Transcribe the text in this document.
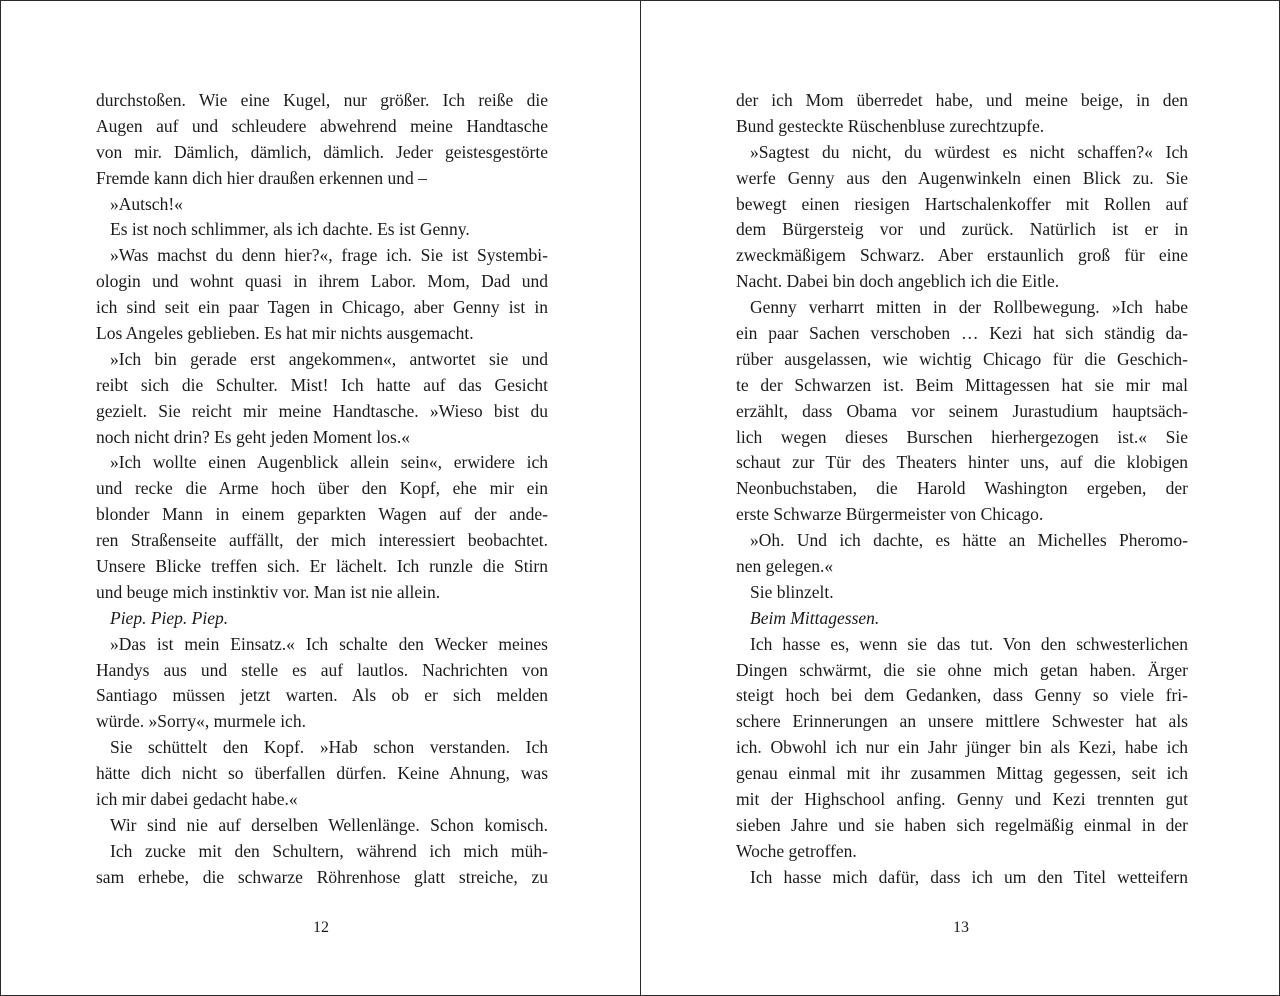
durchstoßen. Wie eine Kugel, nur größer. Ich reiße die
Augen auf und schleudere abwehrend meine Handtasche
von mir. Dämlich, dämlich, dämlich. Jeder geistesgestörte
Fremde kann dich hier draußen erkennen und –
»Autsch!«
Es ist noch schlimmer, als ich dachte. Es ist Genny.
»Was machst du denn hier?«, frage ich. Sie ist Systembi-
ologin und wohnt quasi in ihrem Labor. Mom, Dad und
ich sind seit ein paar Tagen in Chicago, aber Genny ist in
Los Angeles geblieben. Es hat mir nichts ausgemacht.
»Ich bin gerade erst angekommen«, antwortet sie und
reibt sich die Schulter. Mist! Ich hatte auf das Gesicht
gezielt. Sie reicht mir meine Handtasche. »Wieso bist du
noch nicht drin? Es geht jeden Moment los.«
»Ich wollte einen Augenblick allein sein«, erwidere ich
und recke die Arme hoch über den Kopf, ehe mir ein
blonder Mann in einem geparkten Wagen auf der ande-
ren Straßenseite auffällt, der mich interessiert beobachtet.
Unsere Blicke treffen sich. Er lächelt. Ich runzle die Stirn
und beuge mich instinktiv vor. Man ist nie allein.
Piep. Piep. Piep.
»Das ist mein Einsatz.« Ich schalte den Wecker meines
Handys aus und stelle es auf lautlos. Nachrichten von
Santiago müssen jetzt warten. Als ob er sich melden
würde. »Sorry«, murmele ich.
Sie schüttelt den Kopf. »Hab schon verstanden. Ich
hätte dich nicht so überfallen dürfen. Keine Ahnung, was
ich mir dabei gedacht habe.«
Wir sind nie auf derselben Wellenlänge. Schon komisch.
Ich zucke mit den Schultern, während ich mich müh-
sam erhebe, die schwarze Röhrenhose glatt streiche, zu
12
der ich Mom überredet habe, und meine beige, in den
Bund gesteckte Rüschenbluse zurechtzupfe.
»Sagtest du nicht, du würdest es nicht schaffen?« Ich
werfe Genny aus den Augenwinkeln einen Blick zu. Sie
bewegt einen riesigen Hartschalenkoffer mit Rollen auf
dem Bürgersteig vor und zurück. Natürlich ist er in
zweckmäßigem Schwarz. Aber erstaunlich groß für eine
Nacht. Dabei bin doch angeblich ich die Eitle.
Genny verharrt mitten in der Rollbewegung. »Ich habe
ein paar Sachen verschoben … Kezi hat sich ständig da-
rüber ausgelassen, wie wichtig Chicago für die Geschich-
te der Schwarzen ist. Beim Mittagessen hat sie mir mal
erzählt, dass Obama vor seinem Jurastudium hauptsäch-
lich wegen dieses Burschen hierhergezogen ist.« Sie
schaut zur Tür des Theaters hinter uns, auf die klobigen
Neonbuchstaben, die Harold Washington ergeben, der
erste Schwarze Bürgermeister von Chicago.
»Oh. Und ich dachte, es hätte an Michelles Pheromo-
nen gelegen.«
Sie blinzelt.
Beim Mittagessen.
Ich hasse es, wenn sie das tut. Von den schwesterlichen
Dingen schwärmt, die sie ohne mich getan haben. Ärger
steigt hoch bei dem Gedanken, dass Genny so viele fri-
schere Erinnerungen an unsere mittlere Schwester hat als
ich. Obwohl ich nur ein Jahr jünger bin als Kezi, habe ich
genau einmal mit ihr zusammen Mittag gegessen, seit ich
mit der Highschool anfing. Genny und Kezi trennten gut
sieben Jahre und sie haben sich regelmäßig einmal in der
Woche getroffen.
Ich hasse mich dafür, dass ich um den Titel wetteifern
13
